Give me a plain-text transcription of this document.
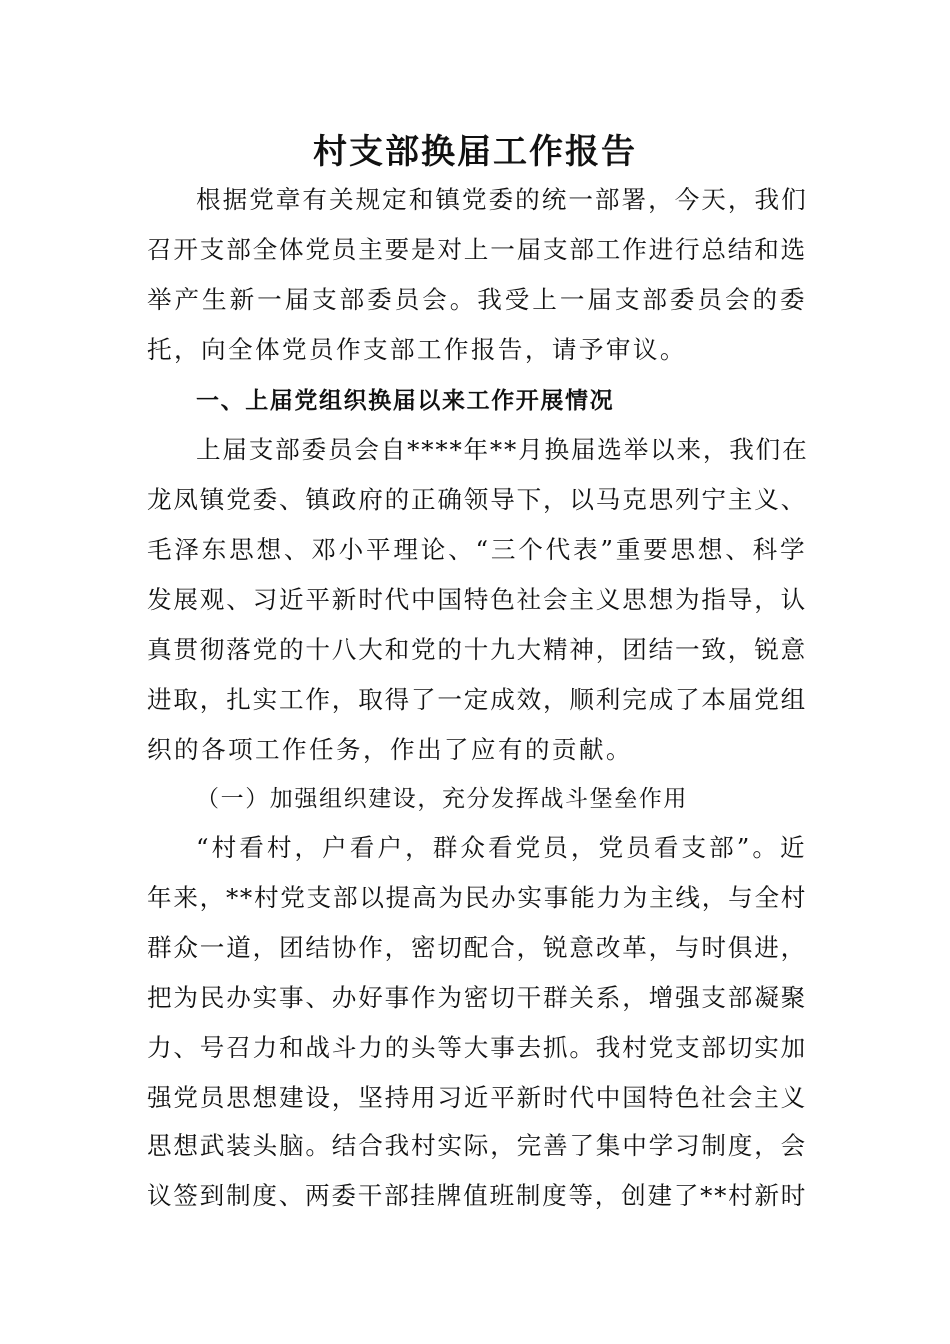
村支部换届工作报告
根据党章有关规定和镇党委的统一部署，今天，我们
召开支部全体党员主要是对上一届支部工作进行总结和选
举产生新一届支部委员会。我受上一届支部委员会的委
托，向全体党员作支部工作报告，请予审议。
一、上届党组织换届以来工作开展情况
上届支部委员会自****年**月换届选举以来，我们在
龙凤镇党委、镇政府的正确领导下，以马克思列宁主义、
毛泽东思想、邓小平理论、“三个代表”重要思想、科学
发展观、习近平新时代中国特色社会主义思想为指导，认
真贯彻落党的十八大和党的十九大精神，团结一致，锐意
进取，扎实工作，取得了一定成效，顺利完成了本届党组
织的各项工作任务，作出了应有的贡献。
（一）加强组织建设，充分发挥战斗堡垒作用
“村看村，户看户，群众看党员，党员看支部”。近
年来，**村党支部以提高为民办实事能力为主线，与全村
群众一道，团结协作，密切配合，锐意改革，与时俱进，
把为民办实事、办好事作为密切干群关系，增强支部凝聚
力、号召力和战斗力的头等大事去抓。我村党支部切实加
强党员思想建设，坚持用习近平新时代中国特色社会主义
思想武装头脑。结合我村实际，完善了集中学习制度，会
议签到制度、两委干部挂牌值班制度等，创建了**村新时
